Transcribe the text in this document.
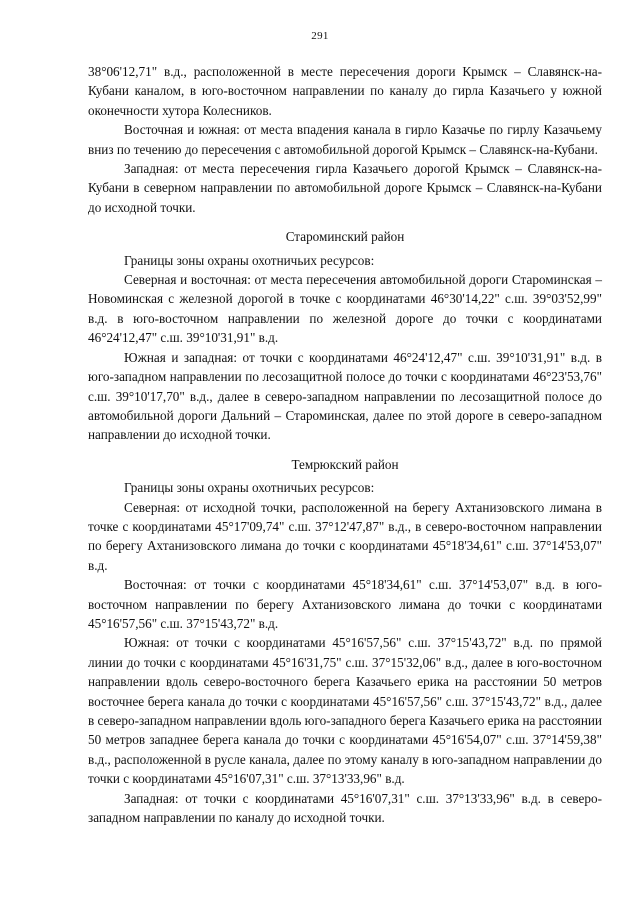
291

38°06'12,71" в.д., расположенной в месте пересечения дороги Крымск – Славянск-на-Кубани каналом, в юго-восточном направлении по каналу до гирла Казачьего у южной оконечности хутора Колесников.

Восточная и южная: от места впадения канала в гирло Казачье по гирлу Казачьему вниз по течению до пересечения с автомобильной дорогой Крымск – Славянск-на-Кубани.

Западная: от места пересечения гирла Казачьего дорогой Крымск – Славянск-на-Кубани в северном направлении по автомобильной дороге Крымск – Славянск-на-Кубани до исходной точки.

Староминский район

Границы зоны охраны охотничьих ресурсов:

Северная и восточная: от места пересечения автомобильной дороги Староминская – Новоминская с железной дорогой в точке с координатами 46°30'14,22" с.ш. 39°03'52,99" в.д. в юго-восточном направлении по железной дороге до точки с координатами 46°24'12,47" с.ш. 39°10'31,91" в.д.

Южная и западная: от точки с координатами 46°24'12,47" с.ш. 39°10'31,91" в.д. в юго-западном направлении по лесозащитной полосе до точки с координатами 46°23'53,76" с.ш. 39°10'17,70" в.д., далее в северо-западном направлении по лесозащитной полосе до автомобильной дороги Дальний – Староминская, далее по этой дороге в северо-западном направлении до исходной точки.

Темрюкский район

Границы зоны охраны охотничьих ресурсов:

Северная: от исходной точки, расположенной на берегу Ахтанизовского лимана в точке с координатами 45°17'09,74" с.ш. 37°12'47,87" в.д., в северо-восточном направлении по берегу Ахтанизовского лимана до точки с координатами 45°18'34,61" с.ш. 37°14'53,07" в.д.

Восточная: от точки с координатами 45°18'34,61" с.ш. 37°14'53,07" в.д. в юго-восточном направлении по берегу Ахтанизовского лимана до точки с координатами 45°16'57,56" с.ш. 37°15'43,72" в.д.

Южная: от точки с координатами 45°16'57,56" с.ш. 37°15'43,72" в.д. по прямой линии до точки с координатами 45°16'31,75" с.ш. 37°15'32,06" в.д., далее в юго-восточном направлении вдоль северо-восточного берега Казачьего ерика на расстоянии 50 метров восточнее берега канала до точки с координатами 45°16'57,56" с.ш. 37°15'43,72" в.д., далее в северо-западном направлении вдоль юго-западного берега Казачьего ерика на расстоянии 50 метров западнее берега канала до точки с координатами 45°16'54,07" с.ш. 37°14'59,38" в.д., расположенной в русле канала, далее по этому каналу в юго-западном направлении до точки с координатами 45°16'07,31" с.ш. 37°13'33,96" в.д.

Западная: от точки с координатами 45°16'07,31" с.ш. 37°13'33,96" в.д. в северо-западном направлении по каналу до исходной точки.
